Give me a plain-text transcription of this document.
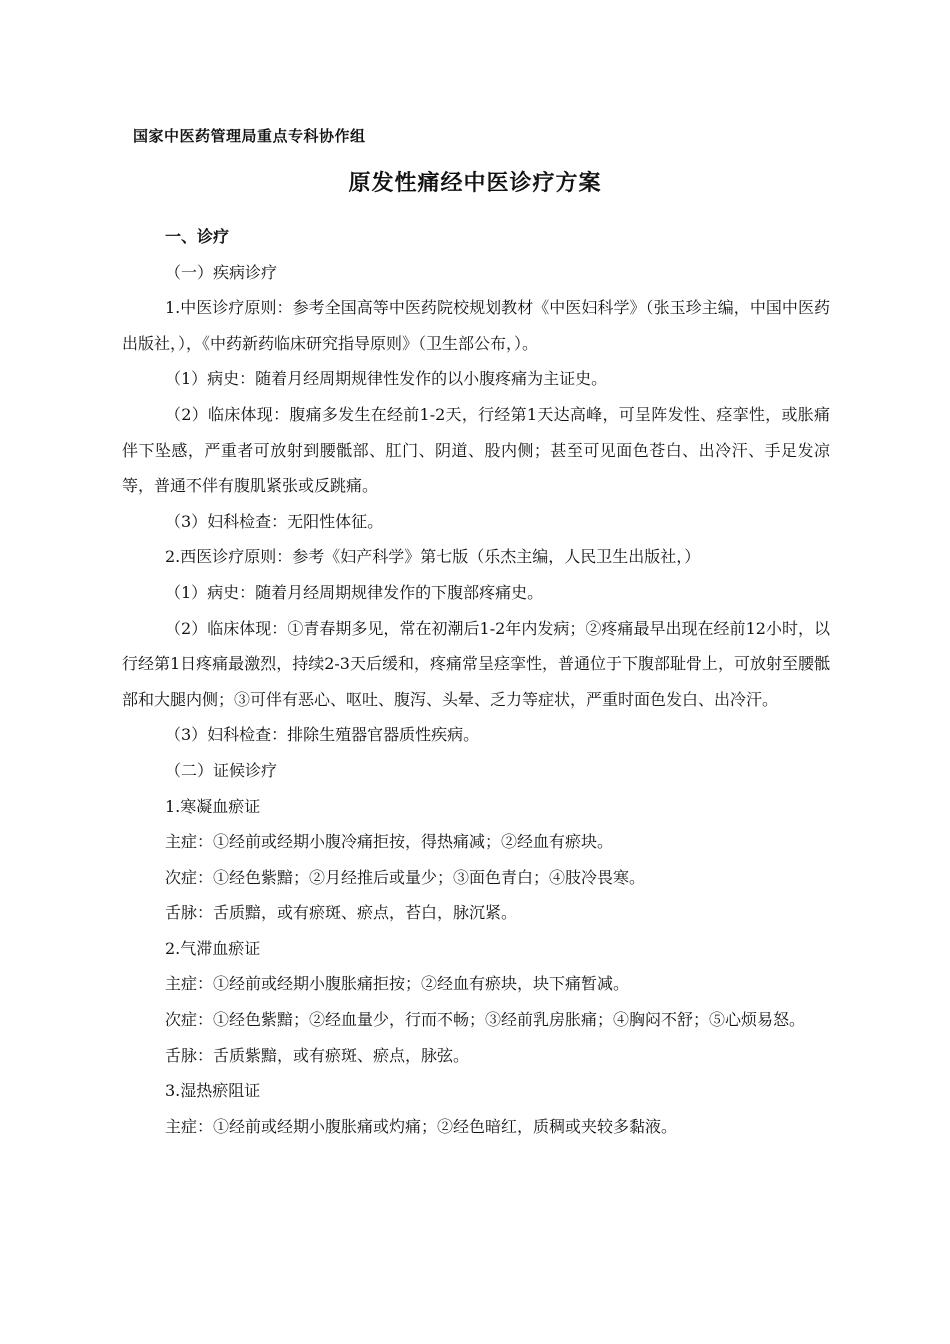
国家中医药管理局重点专科协作组
原发性痛经中医诊疗方案

一、诊疗

（一）疾病诊疗

1.中医诊疗原则：参考全国高等中医药院校规划教材《中医妇科学》（张玉珍主编，中国中医药出版社，），《中药新药临床研究指导原则》（卫生部公布，）。

（1）病史：随着月经周期规律性发作的以小腹疼痛为主证史。

（2）临床体现：腹痛多发生在经前1-2天，行经第1天达高峰，可呈阵发性、痉挛性，或胀痛伴下坠感，严重者可放射到腰骶部、肛门、阴道、股内侧；甚至可见面色苍白、出冷汗、手足发凉等，普通不伴有腹肌紧张或反跳痛。

（3）妇科检查：无阳性体征。

2.西医诊疗原则：参考《妇产科学》第七版（乐杰主编，人民卫生出版社，）

（1）病史：随着月经周期规律发作的下腹部疼痛史。

（2）临床体现：①青春期多见，常在初潮后1-2年内发病；②疼痛最早出现在经前12小时，以行经第1日疼痛最激烈，持续2-3天后缓和，疼痛常呈痉挛性，普通位于下腹部耻骨上，可放射至腰骶部和大腿内侧；③可伴有恶心、呕吐、腹泻、头晕、乏力等症状，严重时面色发白、出冷汗。

（3）妇科检查：排除生殖器官器质性疾病。

（二）证候诊疗

1.寒凝血瘀证

主症：①经前或经期小腹冷痛拒按，得热痛减；②经血有瘀块。

次症：①经色紫黯；②月经推后或量少；③面色青白；④肢冷畏寒。

舌脉：舌质黯，或有瘀斑、瘀点，苔白，脉沉紧。

2.气滞血瘀证

主症：①经前或经期小腹胀痛拒按；②经血有瘀块，块下痛暂减。

次症：①经色紫黯；②经血量少，行而不畅；③经前乳房胀痛；④胸闷不舒；⑤心烦易怒。

舌脉：舌质紫黯，或有瘀斑、瘀点，脉弦。

3.湿热瘀阻证

主症：①经前或经期小腹胀痛或灼痛；②经色暗红，质稠或夹较多黏液。
